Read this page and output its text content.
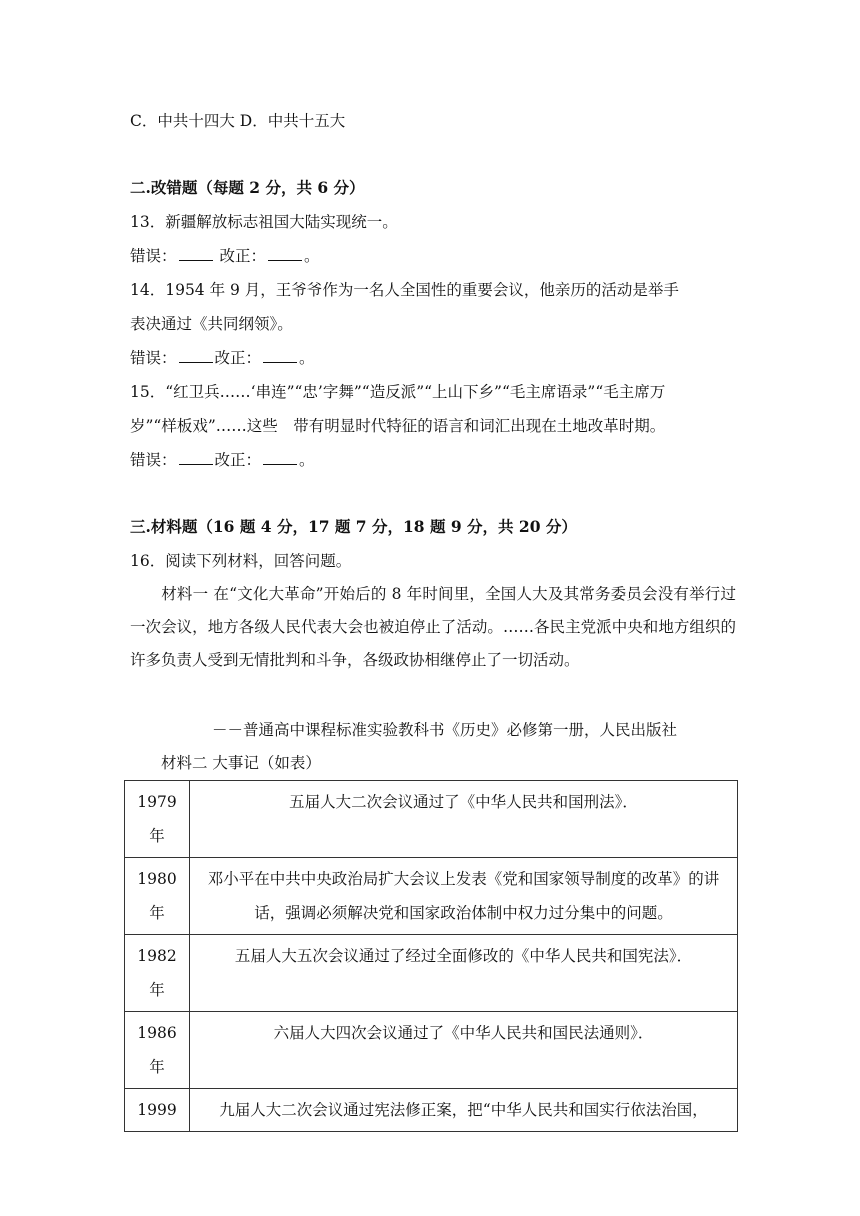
C．中共十四大 D．中共十五大
二.改错题（每题 2 分，共 6 分）
13．新疆解放标志祖国大陆实现统一。
错误：	改正： 。
14．1954 年 9 月，王爷爷作为一名人全国性的重要会议，他亲历的活动是举手
表决通过《共同纲领》。
错误： 改正： 。
15．“红卫兵……‘串连”“忠’字舞”“造反派”“上山下乡”“毛主席语录”“毛主席万
岁”“样板戏”……这些　带有明显时代特征的语言和词汇出现在土地改革时期。
错误： 改正： 。
三.材料题（16 题 4 分，17 题 7 分，18 题 9 分，共 20 分）
16．阅读下列材料，回答问题。
材料一 在“文化大革命”开始后的 8 年时间里，全国人大及其常务委员会没有举行过一次会议，地方各级人民代表大会也被迫停止了活动。……各民主党派中央和地方组织的许多负责人受到无情批判和斗争，各级政协相继停止了一切活动。
－－普通高中课程标准实验教科书《历史》必修第一册，人民出版社
材料二 大事记（如表）
1979
年	五届人大二次会议通过了《中华人民共和国刑法》．

1980
年	邓小平在中共中央政治局扩大会议上发表《党和国家领导制度的改革》的讲话，强调必须解决党和国家政治体制中权力过分集中的问题。

1982
年	五届人大五次会议通过了经过全面修改的《中华人民共和国宪法》．

1986
年	六届人大四次会议通过了《中华人民共和国民法通则》．

1999	九届人大二次会议通过宪法修正案，把“中华人民共和国实行依法治国，
